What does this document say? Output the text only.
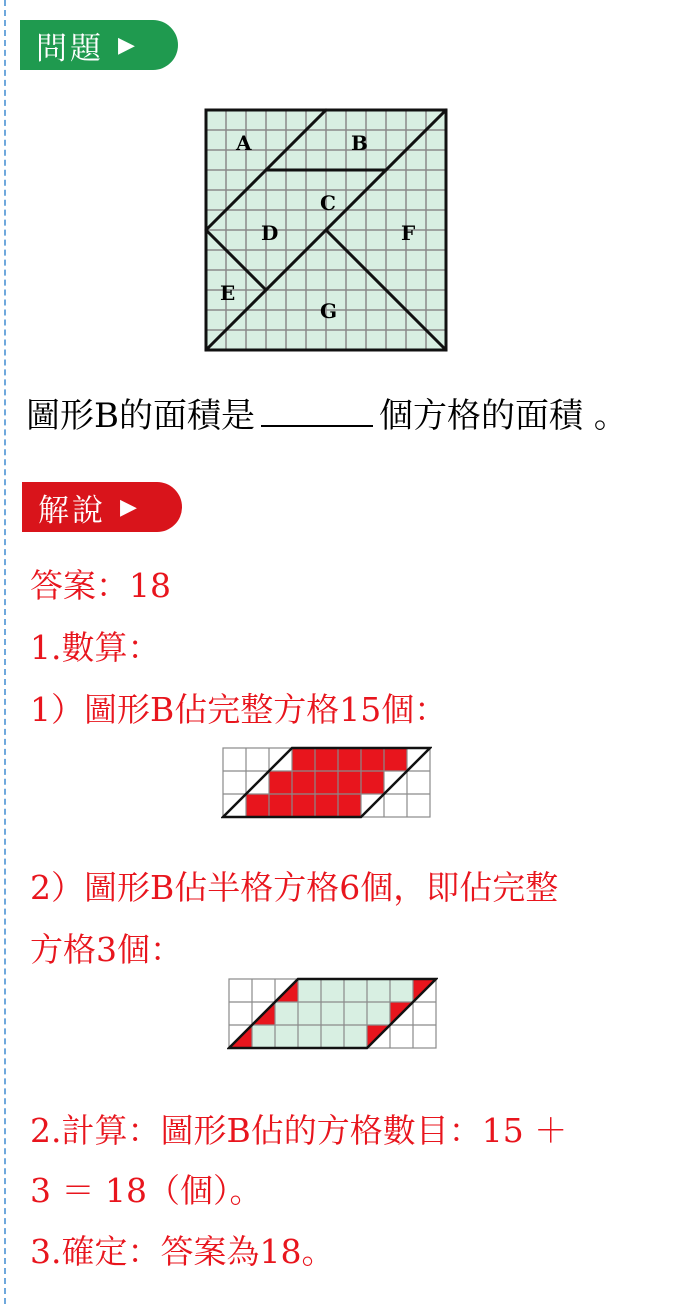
問題 ▶
A	B
C
D	F
E
G
圖形B的面積是	個方格的面積 。
解說 ▶
答案：18
1.數算：
1）圖形B佔完整方格15個：
2）圖形B佔半格方格6個，即佔完整
方格3個：
2.計算：圖形B佔的方格數目：15 ＋
3 ＝ 18（個）。
3.確定：答案為18。
